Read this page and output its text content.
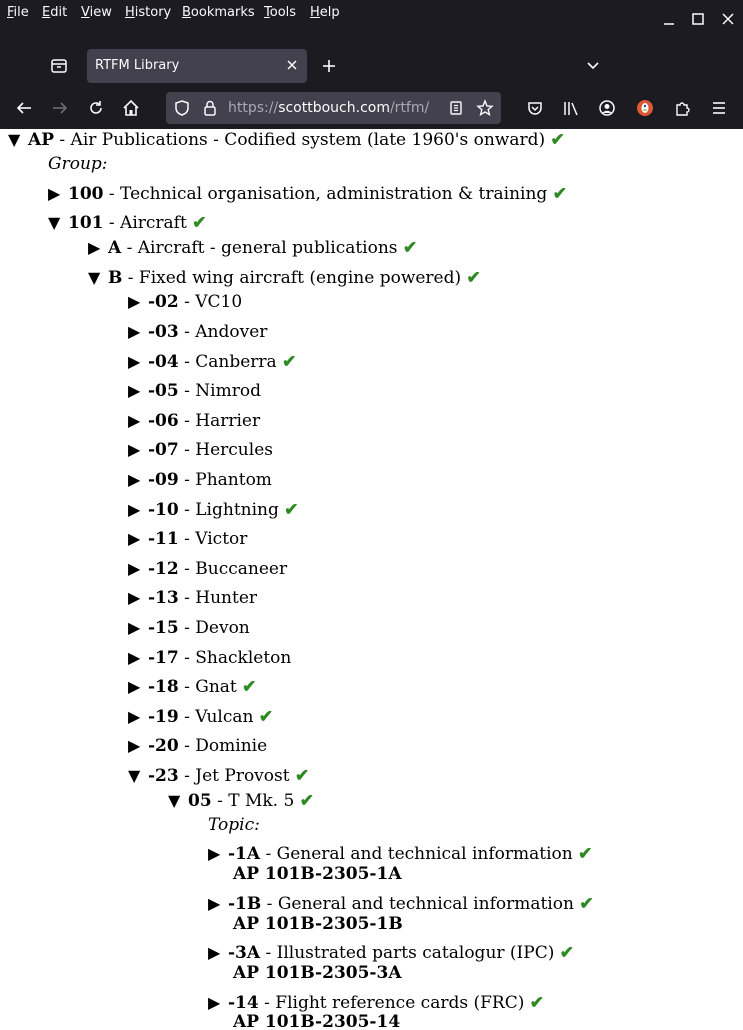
File Edit View History Bookmarks Tools Help
RTFM Library
https://scottbouch.com/rtfm/
▼ AP - Air Publications - Codified system (late 1960's onward) ✔
Group:
▶ 100 - Technical organisation, administration & training ✔
▼ 101 - Aircraft ✔
▶ A - Aircraft - general publications ✔
▼ B - Fixed wing aircraft (engine powered) ✔
▶ -02 - VC10
▶ -03 - Andover
▶ -04 - Canberra ✔
▶ -05 - Nimrod
▶ -06 - Harrier
▶ -07 - Hercules
▶ -09 - Phantom
▶ -10 - Lightning ✔
▶ -11 - Victor
▶ -12 - Buccaneer
▶ -13 - Hunter
▶ -15 - Devon
▶ -17 - Shackleton
▶ -18 - Gnat ✔
▶ -19 - Vulcan ✔
▶ -20 - Dominie
▼ -23 - Jet Provost ✔
▼ 05 - T Mk. 5 ✔
Topic:
▶ -1A - General and technical information ✔
AP 101B-2305-1A
▶ -1B - General and technical information ✔
AP 101B-2305-1B
▶ -3A - Illustrated parts catalogur (IPC) ✔
AP 101B-2305-3A
▶ -14 - Flight reference cards (FRC) ✔
AP 101B-2305-14
